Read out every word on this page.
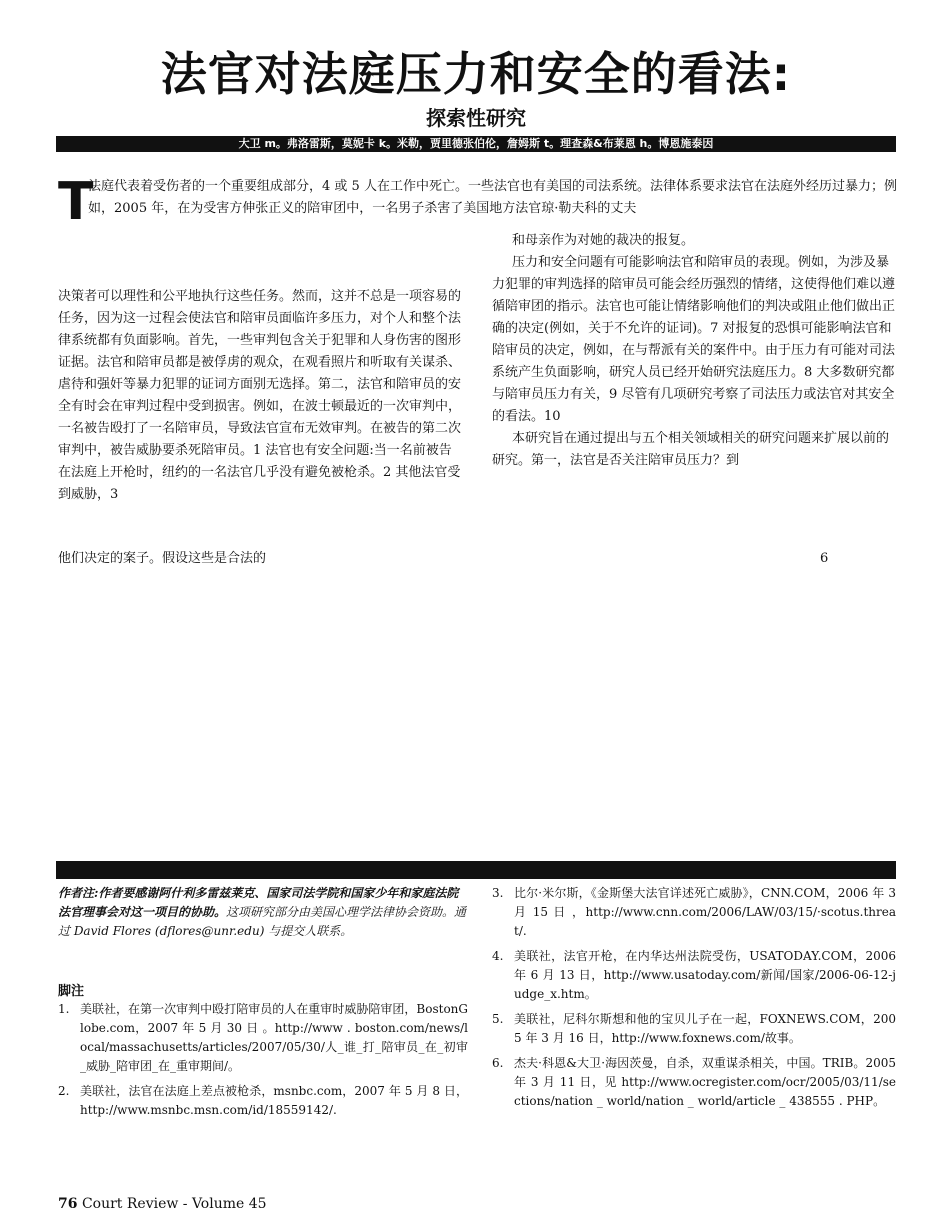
法官对法庭压力和安全的看法:
探索性研究
大卫 m。弗洛雷斯，莫妮卡 k。米勒，贾里德张伯伦，詹姆斯 t。理查森&布莱恩 h。博恩施泰因
T
法庭代表着受伤者的一个重要组成部分，4 或 5 人在工作中死亡。一些法官也有美国的司法系统。法律体系要求法官在法庭外经历过暴力；例如，2005 年，在为受害方伸张正义的陪审团中，一名男子杀害了美国地方法官琼·勒夫科的丈夫
决策者可以理性和公平地执行这些任务。然而，这并不总是一项容易的任务，因为这一过程会使法官和陪审员面临许多压力，对个人和整个法律系统都有负面影响。首先，一些审判包含关于犯罪和人身伤害的图形证据。法官和陪审员都是被俘虏的观众，在观看照片和听取有关谋杀、虐待和强奸等暴力犯罪的证词方面别无选择。第二，法官和陪审员的安全有时会在审判过程中受到损害。例如，在波士顿最近的一次审判中，一名被告殴打了一名陪审员，导致法官宣布无效审判。在被告的第二次审判中，被告威胁要杀死陪审员。1 法官也有安全问题:当一名前被告在法庭上开枪时，纽约的一名法官几乎没有避免被枪杀。2 其他法官受到威胁，3
他们决定的案子。假设这些是合法的	6

和母亲作为对她的裁决的报复。

压力和安全问题有可能影响法官和陪审员的表现。例如，为涉及暴力犯罪的审判选择的陪审员可能会经历强烈的情绪，这使得他们难以遵循陪审团的指示。法官也可能让情绪影响他们的判决或阻止他们做出正确的决定(例如，关于不允许的证词)。7 对报复的恐惧可能影响法官和陪审员的决定，例如，在与帮派有关的案件中。由于压力有可能对司法系统产生负面影响，研究人员已经开始研究法庭压力。8 大多数研究都与陪审员压力有关，9 尽管有几项研究考察了司法压力或法官对其安全的看法。10

本研究旨在通过提出与五个相关领域相关的研究问题来扩展以前的研究。第一，法官是否关注陪审员压力？到

作者注:作者要感谢阿什利多雷兹莱克、国家司法学院和国家少年和家庭法院法官理事会对这一项目的协助。这项研究部分由美国心理学法律协会资助。通过 David Flores (dflores@unr.edu) 与提交人联系。
脚注
1. 美联社，在第一次审判中殴打陪审员的人在重审时威胁陪审团，BostonGlobe.com，2007 年 5 月 30 日 。http://www . boston.com/news/local/massachusetts/articles/2007/05/30/人_谁_打_陪审员_在_初审_威胁_陪审团_在_重审期间/。
2. 美联社，法官在法庭上差点被枪杀，msnbc.com，2007 年 5 月 8 日，http://www.msnbc.msn.com/id/18559142/.
3. 比尔·米尔斯，《金斯堡大法官详述死亡威胁》，CNN.COM，2006 年 3 月 15 日 ，http://www.cnn.com/2006/LAW/03/15/·scotus.threat/.
4. 美联社，法官开枪，在内华达州法院受伤，USATODAY.COM，2006 年 6 月 13 日，http://www.usatoday.com/新闻/国家/2006-06-12-judge_x.htm。
5. 美联社，尼科尔斯想和他的宝贝儿子在一起，FOXNEWS.COM，2005 年 3 月 16 日，http://www.foxnews.com/故事。
6. 杰夫·科恩&大卫·海因茨曼，自杀，双重谋杀相关，中国。TRIB。2005 年 3 月 11 日，见 http://www.ocregister.com/ocr/2005/03/11/sections/nation _ world/nation _ world/article _ 438555 . PHP。
76 Court Review - Volume 45
